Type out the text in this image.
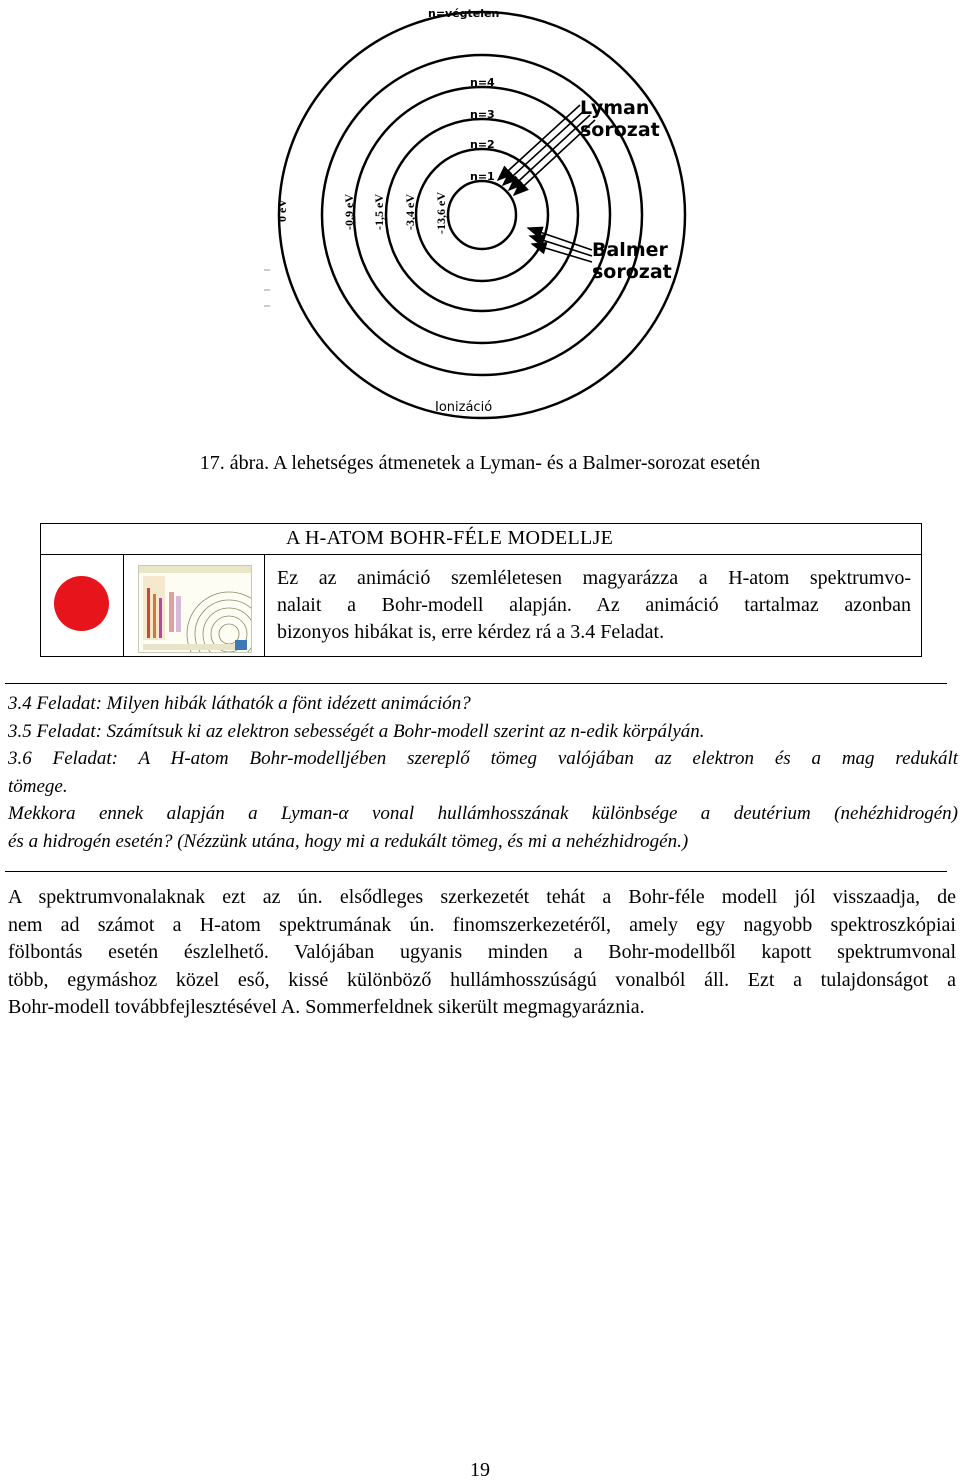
n=végtelen
n=4
n=3
n=2
n=1
0 eV	-0,9 eV -1,5 eV -3,4 eV -13,6 eV
Lyman
sorozat
Balmer
sorozat
Ionizáció
17. ábra. A lehetséges átmenetek a Lyman- és a Balmer-sorozat esetén
A H-ATOM BOHR-FÉLE MODELLJE
Ez az animáció szemléletesen magyarázza a H-atom spektrumvo-
nalait a Bohr-modell alapján. Az animáció tartalmaz azonban
bizonyos hibákat is, erre kérdez rá a 3.4 Feladat.
3.4 Feladat: Milyen hibák láthatók a fönt idézett animáción?
3.5 Feladat: Számítsuk ki az elektron sebességét a Bohr-modell szerint az n-edik körpályán.
3.6 Feladat: A H-atom Bohr-modelljében szereplő tömeg valójában az elektron és a mag redukált
tömege.
Mekkora ennek alapján a Lyman-α vonal hullámhosszának különbsége a deutérium (nehézhidrogén)
és a hidrogén esetén? (Nézzünk utána, hogy mi a redukált tömeg, és mi a nehézhidrogén.)
A spektrumvonalaknak ezt az ún. elsődleges szerkezetét tehát a Bohr-féle modell jól visszaadja, de
nem ad számot a H-atom spektrumának ún. finomszerkezetéről, amely egy nagyobb spektroszkópiai
fölbontás esetén észlelhető. Valójában ugyanis minden a Bohr-modellből kapott spektrumvonal
több, egymáshoz közel eső, kissé különböző hullámhosszúságú vonalból áll. Ezt a tulajdonságot a
Bohr-modell továbbfejlesztésével A. Sommerfeldnek sikerült megmagyaráznia.
19
